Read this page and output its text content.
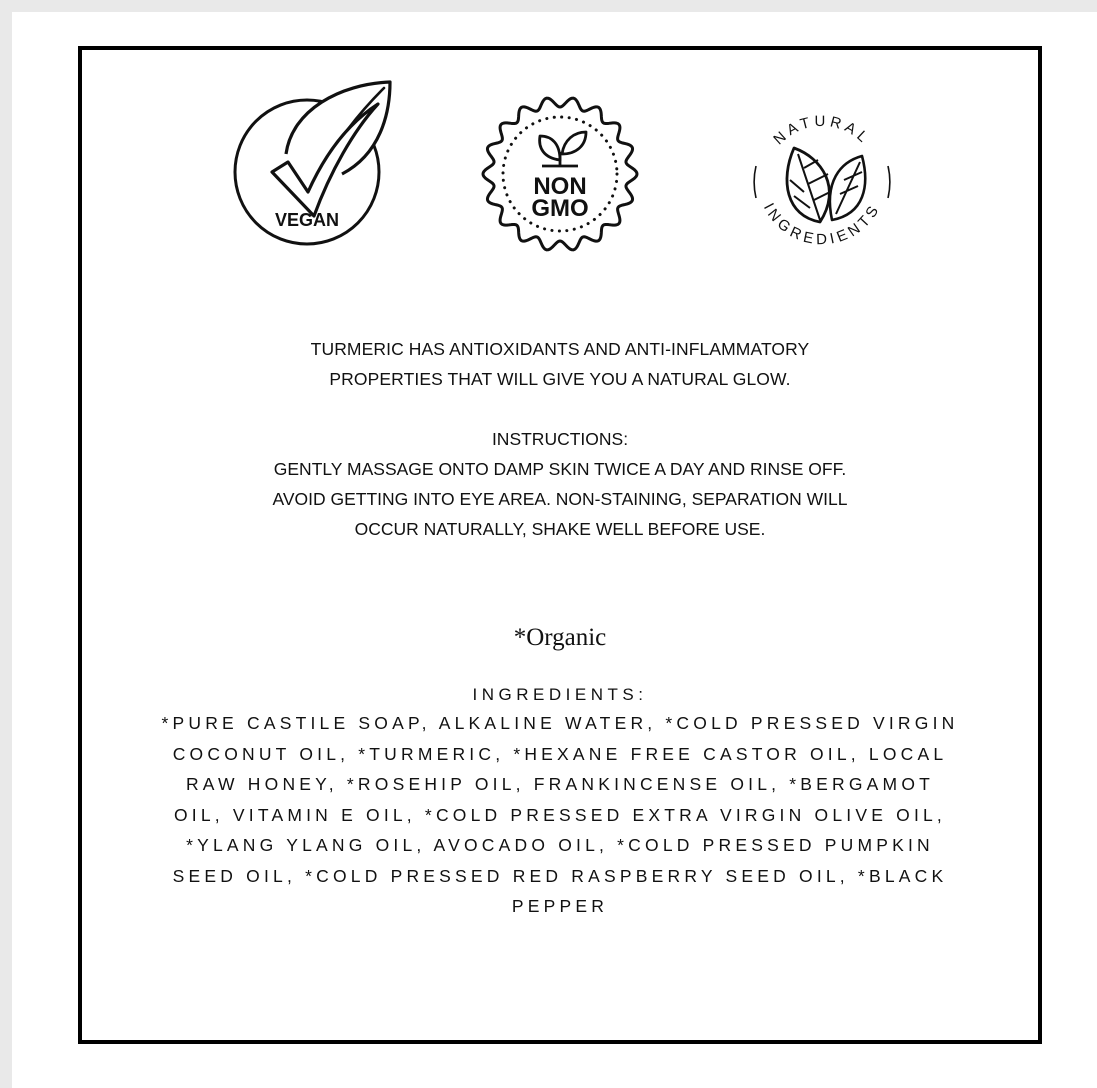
VEGAN
NON
GMO
NATURAL
INGREDIENTS

TURMERIC HAS ANTIOXIDANTS AND ANTI-INFLAMMATORY

PROPERTIES THAT WILL GIVE YOU A NATURAL GLOW.

INSTRUCTIONS:

GENTLY MASSAGE ONTO DAMP SKIN TWICE A DAY AND RINSE OFF.

AVOID GETTING INTO EYE AREA. NON-STAINING, SEPARATION WILL

OCCUR NATURALLY, SHAKE WELL BEFORE USE.

*Organic
INGREDIENTS:
*PURE CASTILE SOAP, ALKALINE WATER, *COLD PRESSED VIRGIN COCONUT OIL, *TURMERIC, *HEXANE FREE CASTOR OIL, LOCAL RAW HONEY, *ROSEHIP OIL, FRANKINCENSE OIL, *BERGAMOT OIL, VITAMIN E OIL, *COLD PRESSED EXTRA VIRGIN OLIVE OIL, *YLANG YLANG OIL, AVOCADO OIL, *COLD PRESSED PUMPKIN SEED OIL, *COLD PRESSED RED RASPBERRY SEED OIL, *BLACK PEPPER
